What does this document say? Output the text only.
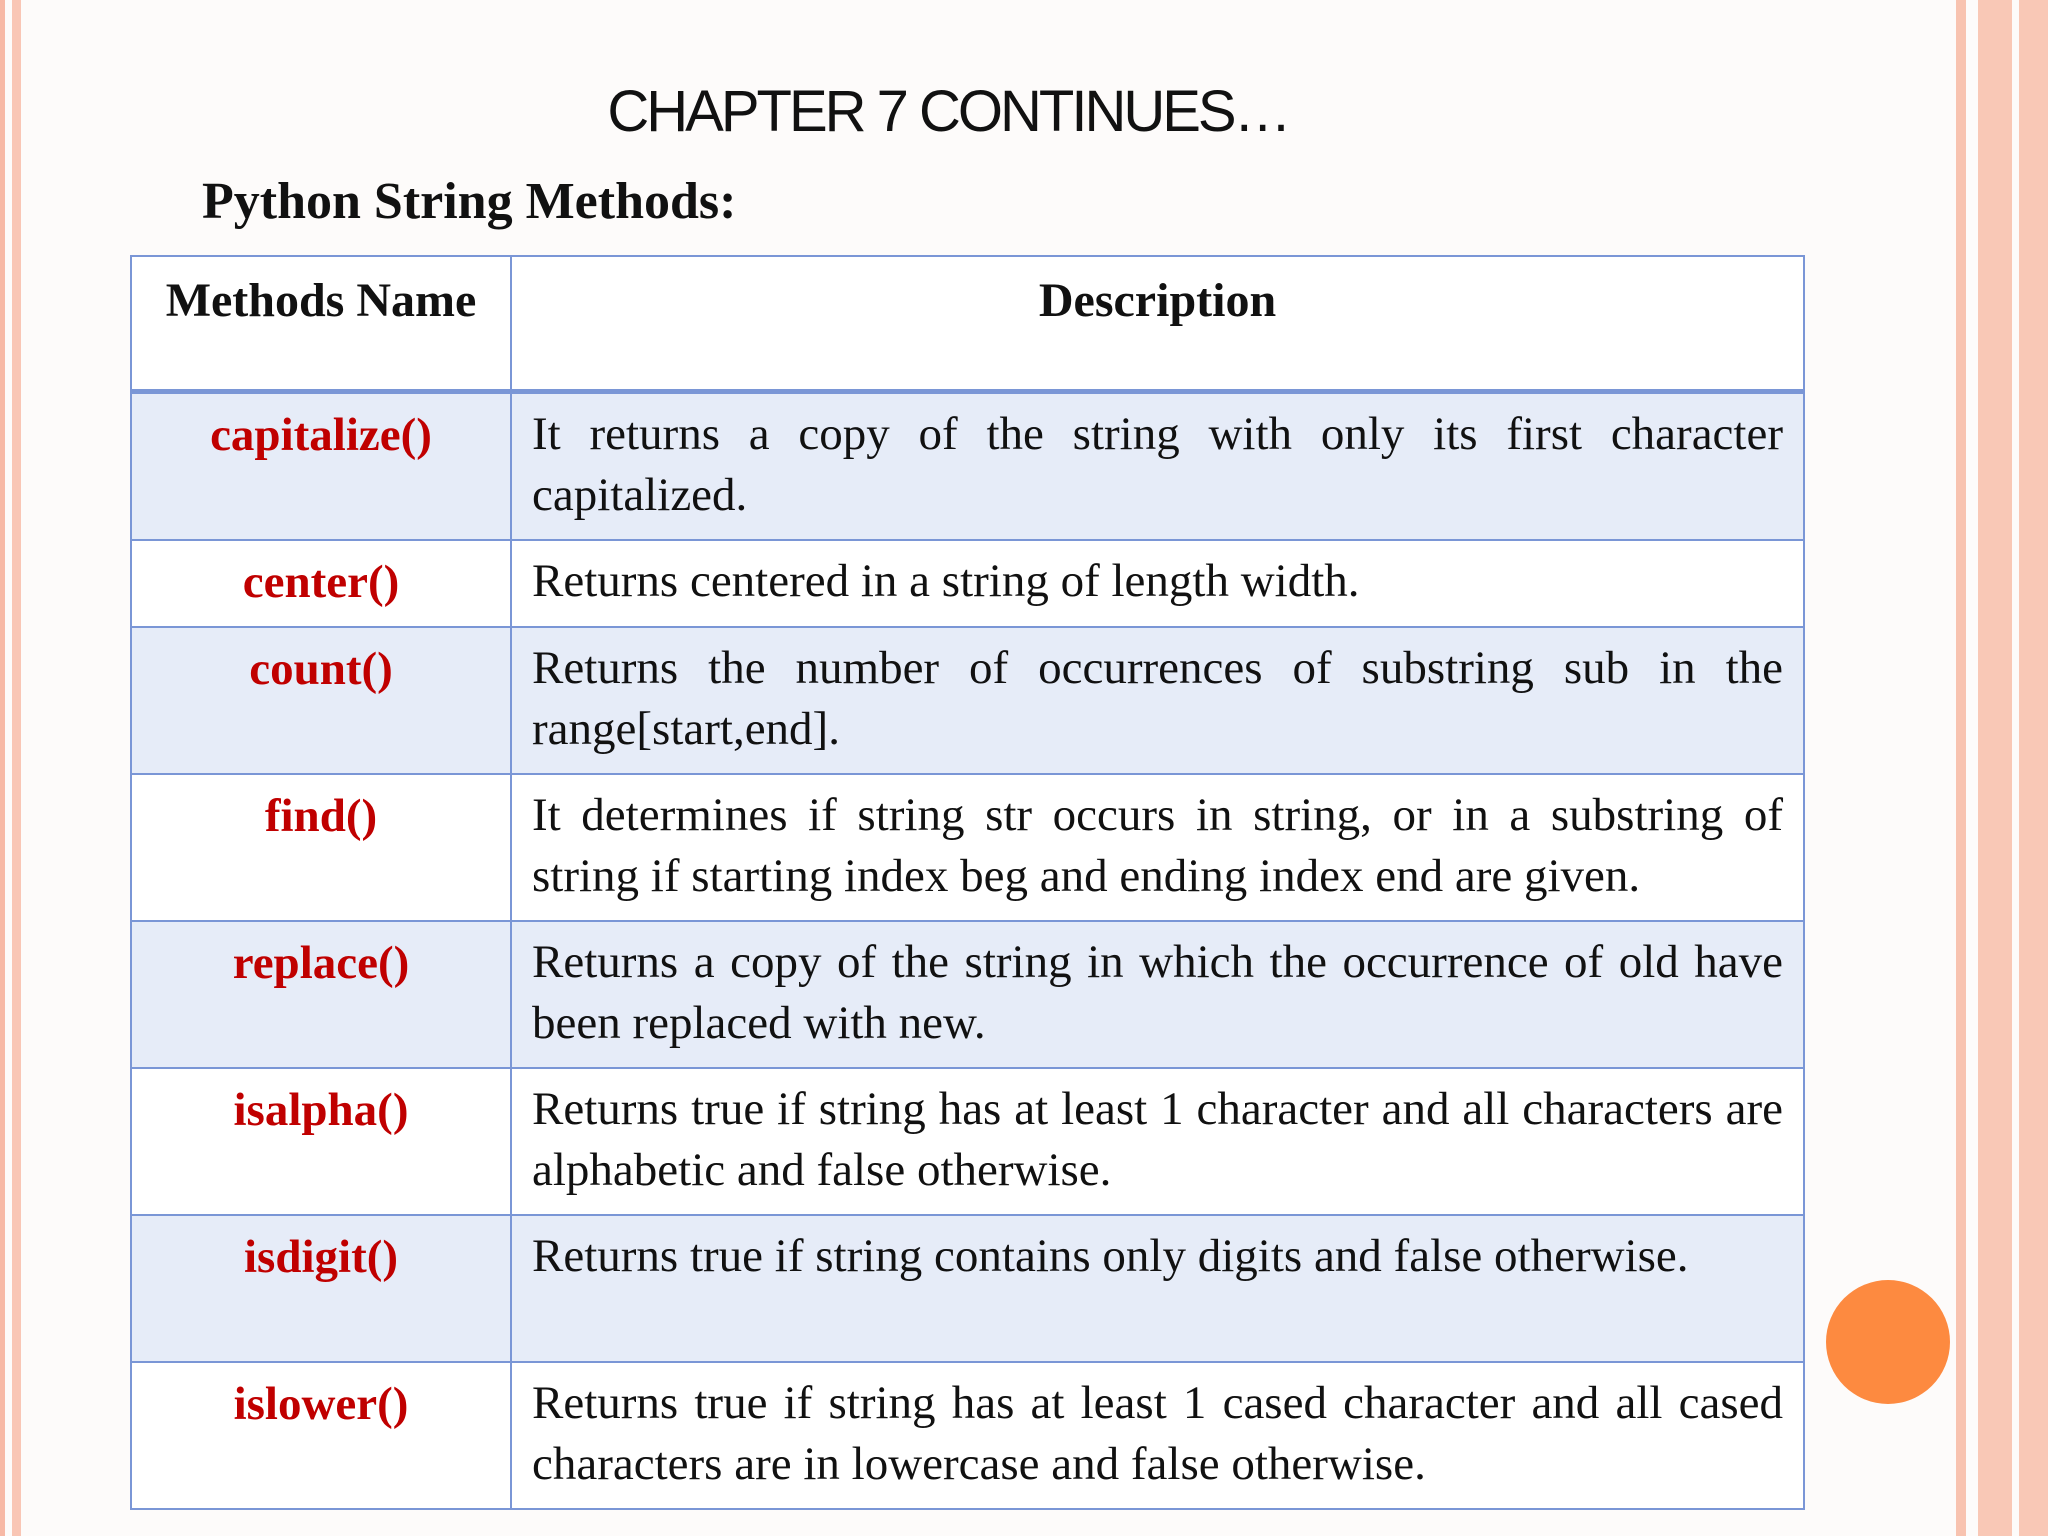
CHAPTER 7 CONTINUES…
Python String Methods:
Methods Name	Description
capitalize()	It returns a copy of the string with only its first character capitalized.
center()	Returns centered in a string of length width.
count()	Returns the number of occurrences of substring sub in the range[start,end].
find()	It determines if string str occurs in string, or in a substring of string if starting index beg and ending index end are given.
replace()	Returns a copy of the string in which the occurrence of old have been replaced with new.
isalpha()	Returns true if string has at least 1 character and all characters are alphabetic and false otherwise.
isdigit()	Returns true if string contains only digits and false otherwise.
islower()	Returns true if string has at least 1 cased character and all cased characters are in lowercase and false otherwise.
